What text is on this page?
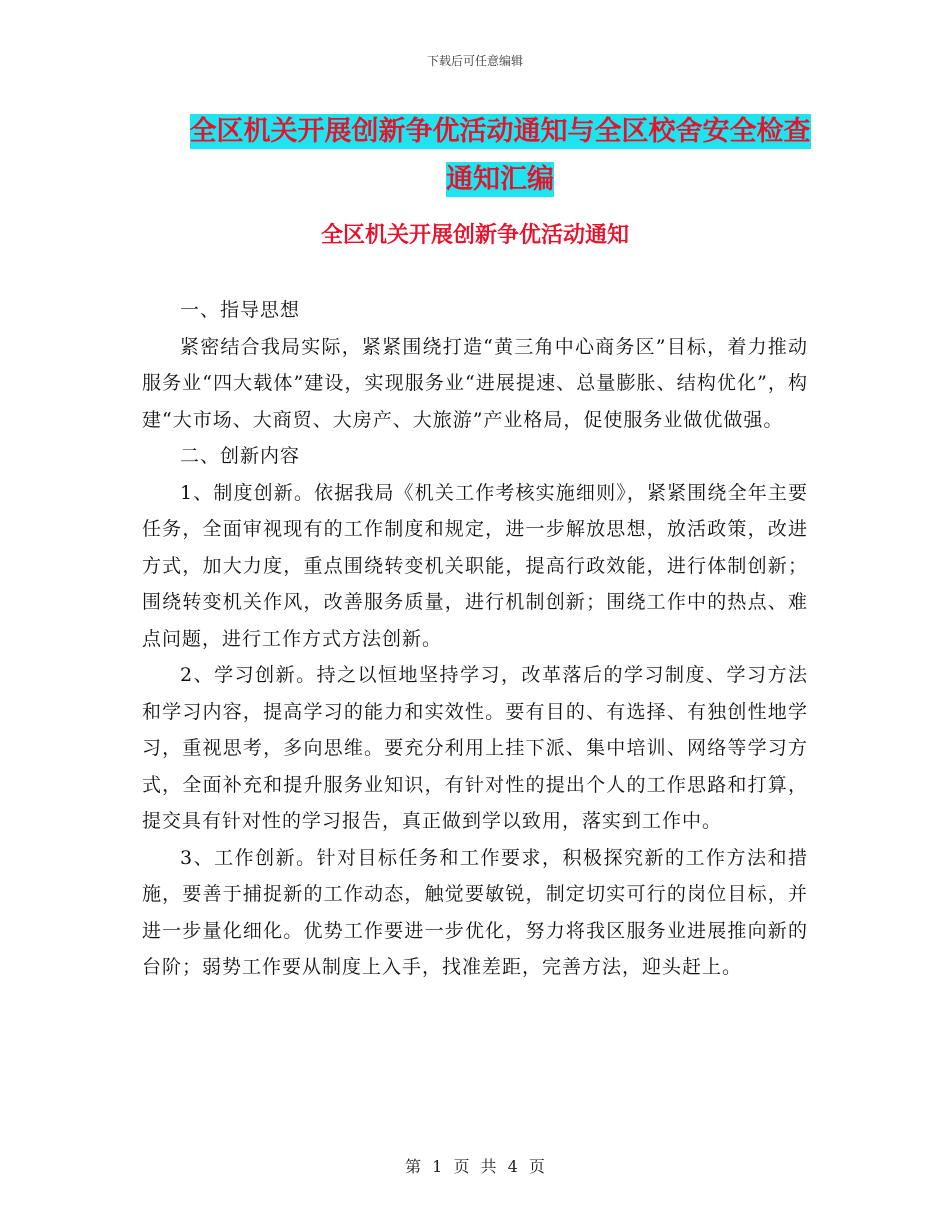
下载后可任意编辑
全区机关开展创新争优活动通知与全区校舍安全检查
通知汇编
全区机关开展创新争优活动通知

一、指导思想

紧密结合我局实际，紧紧围绕打造“黄三角中心商务区”目标，着力推动服务业“四大载体”建设，实现服务业“进展提速、总量膨胀、结构优化”，构建“大市场、大商贸、大房产、大旅游”产业格局，促使服务业做优做强。

二、创新内容

1、制度创新。依据我局《机关工作考核实施细则》，紧紧围绕全年主要任务，全面审视现有的工作制度和规定，进一步解放思想，放活政策，改进方式，加大力度，重点围绕转变机关职能，提高行政效能，进行体制创新；围绕转变机关作风，改善服务质量，进行机制创新；围绕工作中的热点、难点问题，进行工作方式方法创新。

2、学习创新。持之以恒地坚持学习，改革落后的学习制度、学习方法和学习内容，提高学习的能力和实效性。要有目的、有选择、有独创性地学习，重视思考，多向思维。要充分利用上挂下派、集中培训、网络等学习方式，全面补充和提升服务业知识，有针对性的提出个人的工作思路和打算，提交具有针对性的学习报告，真正做到学以致用，落实到工作中。

3、工作创新。针对目标任务和工作要求，积极探究新的工作方法和措施，要善于捕捉新的工作动态，触觉要敏锐，制定切实可行的岗位目标，并进一步量化细化。优势工作要进一步优化，努力将我区服务业进展推向新的台阶；弱势工作要从制度上入手，找准差距，完善方法，迎头赶上。

第 1 页 共 4 页
